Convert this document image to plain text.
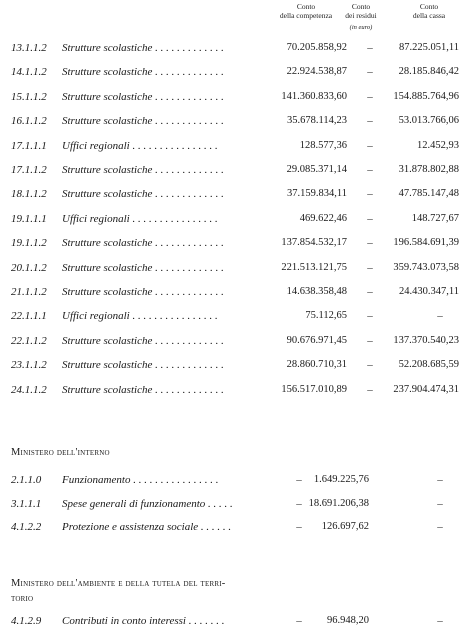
Conto
della competenza
Conto
dei residui
(in euro)
Conto
della cassa
13.1.1.2 Strutture scolastiche . . . . . . . . . . . . .	70.205.858,92 –	87.225.051,11
14.1.1.2 Strutture scolastiche . . . . . . . . . . . . .	22.924.538,87 –	28.185.846,42
15.1.1.2 Strutture scolastiche . . . . . . . . . . . . .	141.360.833,60 –	154.885.764,96
16.1.1.2 Strutture scolastiche . . . . . . . . . . . . .	35.678.114,23 –	53.013.766,06
17.1.1.1 Uffici regionali . . . . . . . . . . . . . . . .	128.577,36 –	12.452,93
17.1.1.2 Strutture scolastiche . . . . . . . . . . . . .	29.085.371,14 –	31.878.802,88
18.1.1.2 Strutture scolastiche . . . . . . . . . . . . .	37.159.834,11 –	47.785.147,48
19.1.1.1 Uffici regionali . . . . . . . . . . . . . . . .	469.622,46 –	148.727,67
19.1.1.2 Strutture scolastiche . . . . . . . . . . . . .	137.854.532,17 –	196.584.691,39
20.1.1.2 Strutture scolastiche . . . . . . . . . . . . .	221.513.121,75 –	359.743.073,58
21.1.1.2 Strutture scolastiche . . . . . . . . . . . . .	14.638.358,48 –	24.430.347,11
22.1.1.1 Uffici regionali . . . . . . . . . . . . . . . .	75.112,65 –	–
22.1.1.2 Strutture scolastiche . . . . . . . . . . . . .	90.676.971,45 –	137.370.540,23
23.1.1.2 Strutture scolastiche . . . . . . . . . . . . .	28.860.710,31 –	52.208.685,59
24.1.1.2 Strutture scolastiche . . . . . . . . . . . . .	156.517.010,89 –	237.904.474,31
Ministero dell'interno
2.1.1.0 Funzionamento . . . . . . . . . . . . . . . .	–	1.649.225,76	–
3.1.1.1 Spese generali di funzionamento . . . . .	– 18.691.206,38	–
4.1.2.2 Protezione e assistenza sociale . . . . . .	–	126.697,62	–
Ministero dell'ambiente e della tutela del terri-
torio
4.1.2.9 Contributi in conto interessi . . . . . . .	–	96.948,20	–
